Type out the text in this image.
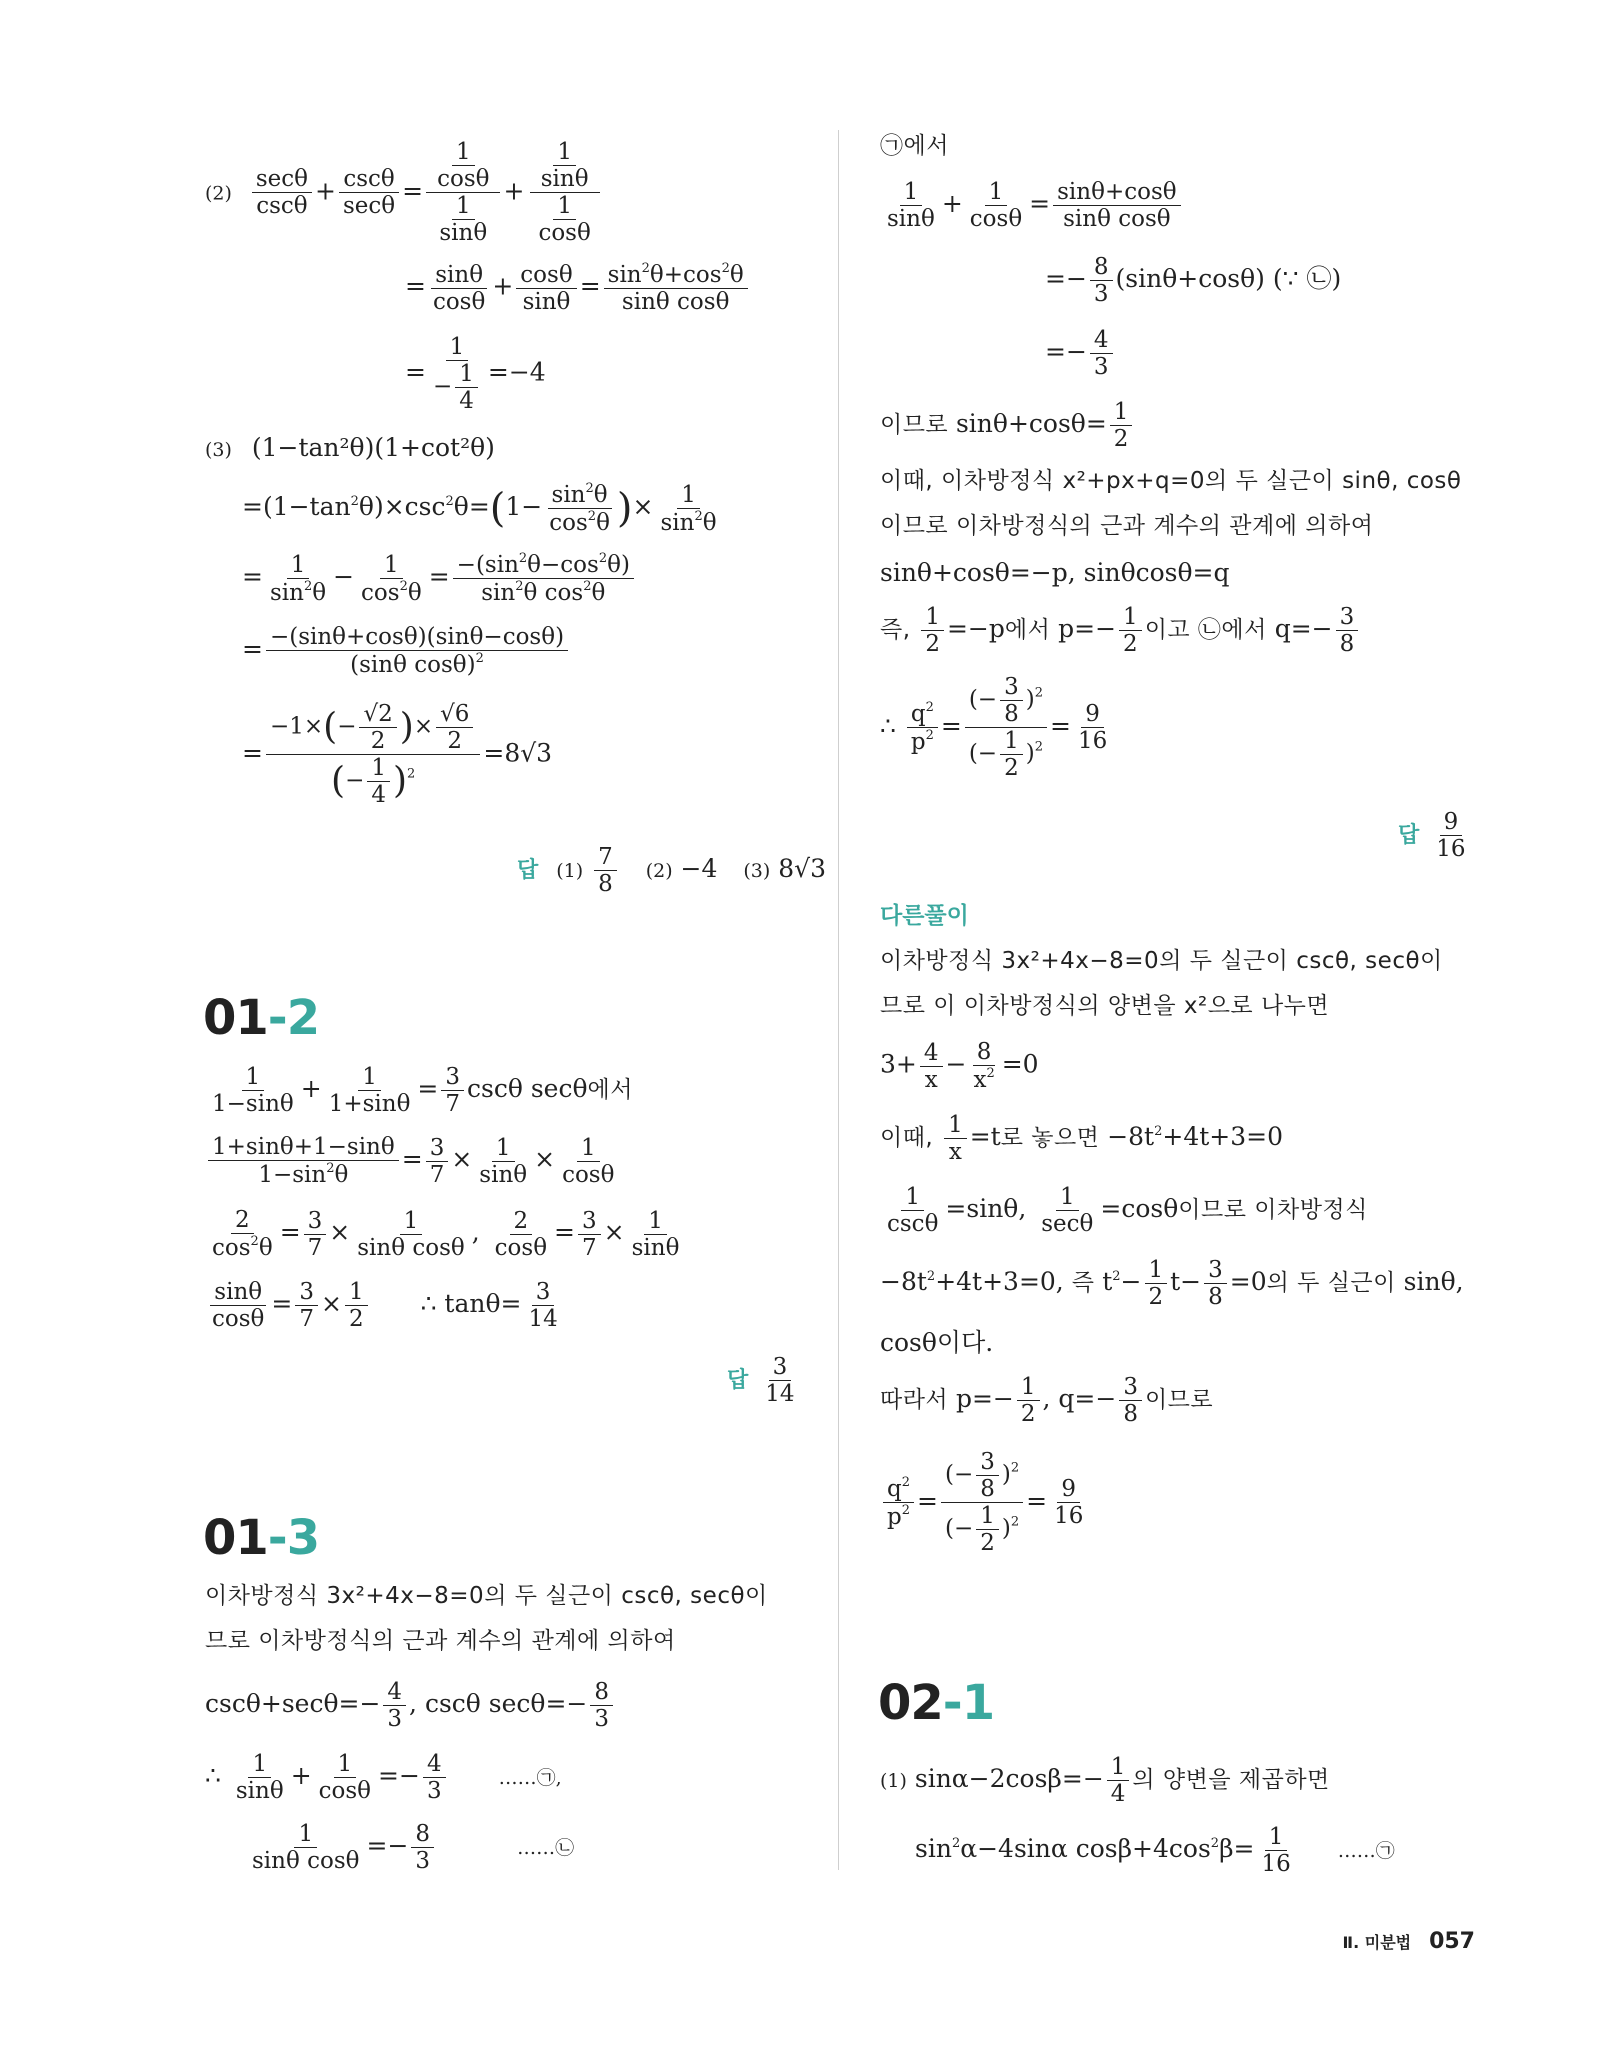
$(2) \frac{\sec\theta}{\csc\theta} + \frac{\csc\theta}{\sec\theta} = \frac{\frac{1}{\cos\theta}}{\frac{1}{\sin\theta}} + \frac{\frac{1}{\sin\theta}}{\frac{1}{\cos\theta}}$
= $\frac{\sin\theta}{\cos\theta} + \frac{\cos\theta}{\sin\theta} = \frac{\sin^2\theta+\cos^2\theta}{\text{sinθ cosθ}}$
= $\frac{1}{- \frac{1}{4}} =-4$
(3) (1−tan²θ)(1+cot²θ)
$=(1-\tan^2\theta)\times\csc^2\theta=(1- \frac{\sin^2\theta}{\cos^2\theta}$ )× $\frac{1}{\sin^2\theta}$
= $\frac{1}{\sin^2\theta} - \frac{1}{\cos^2\theta} = \frac{-(\sin^2\theta-\cos^2\theta)}{\sin^2\theta \cos^2\theta}$
= $\frac{-(\sin\theta+\cos\theta)(\sin\theta-\cos\theta)}{(\sin\theta \cos\theta)^2}$
= $\frac{-1\times(- \frac{√2}{2} )\times \frac{√6}{2}}{(- \frac{1}{4} )^2} =8√3$
답 $(1) \frac{7}{8} (2) -4$ (3) 8√3
01-2
$\frac{1}{1-\sin\theta} + \frac{1}{1+\sin\theta} = \frac{3}{7}$ cscθ secθ에서
$\frac{1+\sin\theta+1-\sin\theta}{1-\sin^2\theta} = \frac{3}{7} \times \frac{1}{\sin\theta} \times \frac{1}{\cos\theta}$
$\frac{2}{\cos^2\theta} = \frac{3}{7} \times \frac{1}{\text{sinθ cosθ}}$ , $\frac{2}{\cos\theta} = \frac{3}{7} \times \frac{1}{\sin\theta}$
$\frac{\sin\theta}{\cos\theta} = \frac{3}{7} \times \frac{1}{2}$ ∴ $\tan\theta= \frac{3}{14}$
답 $\frac{3}{14}$
01-3
이차방정식 3x²+4x−8=0의 두 실근이 cscθ, secθ이
므로 이차방정식의 근과 계수의 관계에 의하여
$\csc\theta+\sec\theta=- \frac{4}{3}$ , cscθ $\sec\theta=- \frac{8}{3}$
∴ $\frac{1}{\sin\theta} + \frac{1}{\cos\theta} =- \frac{4}{3}$	……㉠,
$\frac{1}{\text{sinθ cosθ}} =- \frac{8}{3}$	……㉡
㉠에서
$\frac{1}{\sin\theta} + \frac{1}{\cos\theta} = \frac{\sin\theta+\cos\theta}{\text{sinθ cosθ}}$
=− $\frac{8}{3} (\sin\theta+\cos\theta)$ (∵ ㉡)
=− $\frac{4}{3}$
이므로 $\sin\theta+\cos\theta= \frac{1}{2}$
이때, 이차방정식 x²+px+q=0의 두 실근이 sinθ, cosθ
이므로 이차방정식의 근과 계수의 관계에 의하여
sinθ+cosθ=−p, sinθcosθ=q
즉, $\frac{1}{2} =-p$에서 $p=- \frac{1}{2}$ 이고 ㉡에서 $q=- \frac{3}{8}$
∴ $\frac{q^2}{p^2} = \frac{(- \frac{3}{8} )^2}{(- \frac{1}{2} )^2} = \frac{9}{16}$
답 $\frac{9}{16}$
다른풀이
이차방정식 3x²+4x−8=0의 두 실근이 cscθ, secθ이
므로 이 이차방정식의 양변을 x²으로 나누면
$3+ \frac{4}{x} - \frac{8}{x^2} =0$
이때, $\frac{1}{x} =t$로 놓으면 $-8t^2+4t+3=0$
$\frac{1}{\csc\theta} =\sin\theta$, $\frac{1}{\sec\theta} =\cos\theta$이므로 이차방정식
$-8t^2+4t+3=0$, 즉 $t^2- \frac{1}{2} t- \frac{3}{8} =0$의 두 실근이 sinθ,
cosθ이다.
따라서 $p=- \frac{1}{2}$ , $q=- \frac{3}{8}$ 이므로
$\frac{q^2}{p^2} = \frac{(- \frac{3}{8} )^2}{(- \frac{1}{2} )^2} = \frac{9}{16}$
02-1
(1) $\sin\alpha-2\cos\beta=- \frac{1}{4}$ 의 양변을 제곱하면
$\sin^2\alpha-4\sin\alpha$ $\cos\beta+4\cos^2\beta= \frac{1}{16}$ ……㉠
Ⅱ. 미분법 057
